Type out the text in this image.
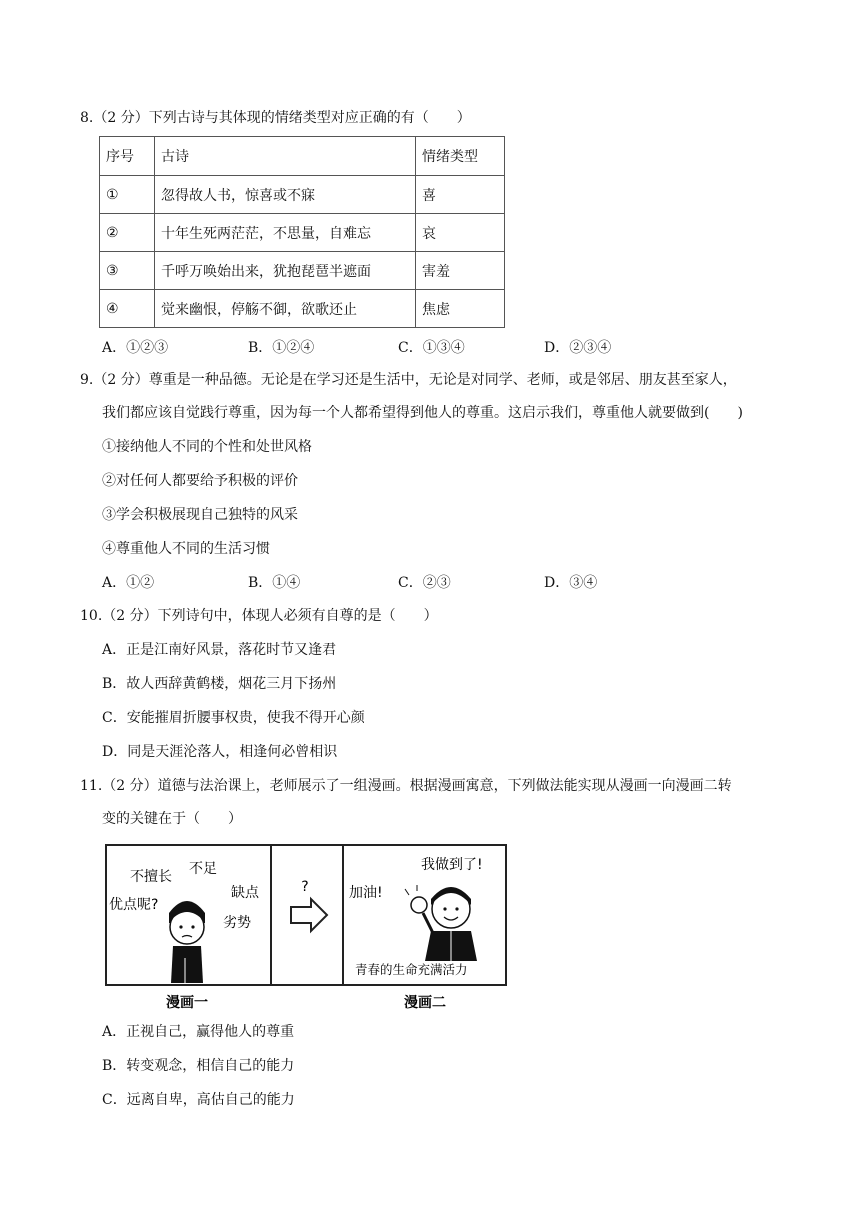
8.（2 分）下列古诗与其体现的情绪类型对应正确的有（　　）
序号	古诗	情绪类型
①	忽得故人书，惊喜或不寐	喜
②	十年生死两茫茫，不思量，自难忘	哀
③	千呼万唤始出来，犹抱琵琶半遮面	害羞
④	觉来幽恨，停觞不御，欲歌还止	焦虑
A．①②③	B．①②④	C．①③④	D．②③④
9.（2 分）尊重是一种品德。无论是在学习还是生活中，无论是对同学、老师，或是邻居、朋友甚至家人，
我们都应该自觉践行尊重，因为每一个人都希望得到他人的尊重。这启示我们，尊重他人就要做到(　　)
①接纳他人不同的个性和处世风格
②对任何人都要给予积极的评价
③学会积极展现自己独特的风采
④尊重他人不同的生活习惯
A．①②	B．①④	C．②③	D．③④
10.（2 分）下列诗句中，体现人必须有自尊的是（　　）
A．正是江南好风景，落花时节又逢君
B．故人西辞黄鹤楼，烟花三月下扬州
C．安能摧眉折腰事权贵，使我不得开心颜
D．同是天涯沦落人，相逢何必曾相识
11.（2 分）道德与法治课上，老师展示了一组漫画。根据漫画寓意，下列做法能实现从漫画一向漫画二转
变的关键在于（　　）
不擅长 不足
缺点
优点呢?
劣势
?
我做到了!
加油!
青春的生命充满活力
漫画一	漫画二
A．正视自己，赢得他人的尊重
B．转变观念，相信自己的能力
C．远离自卑，高估自己的能力
